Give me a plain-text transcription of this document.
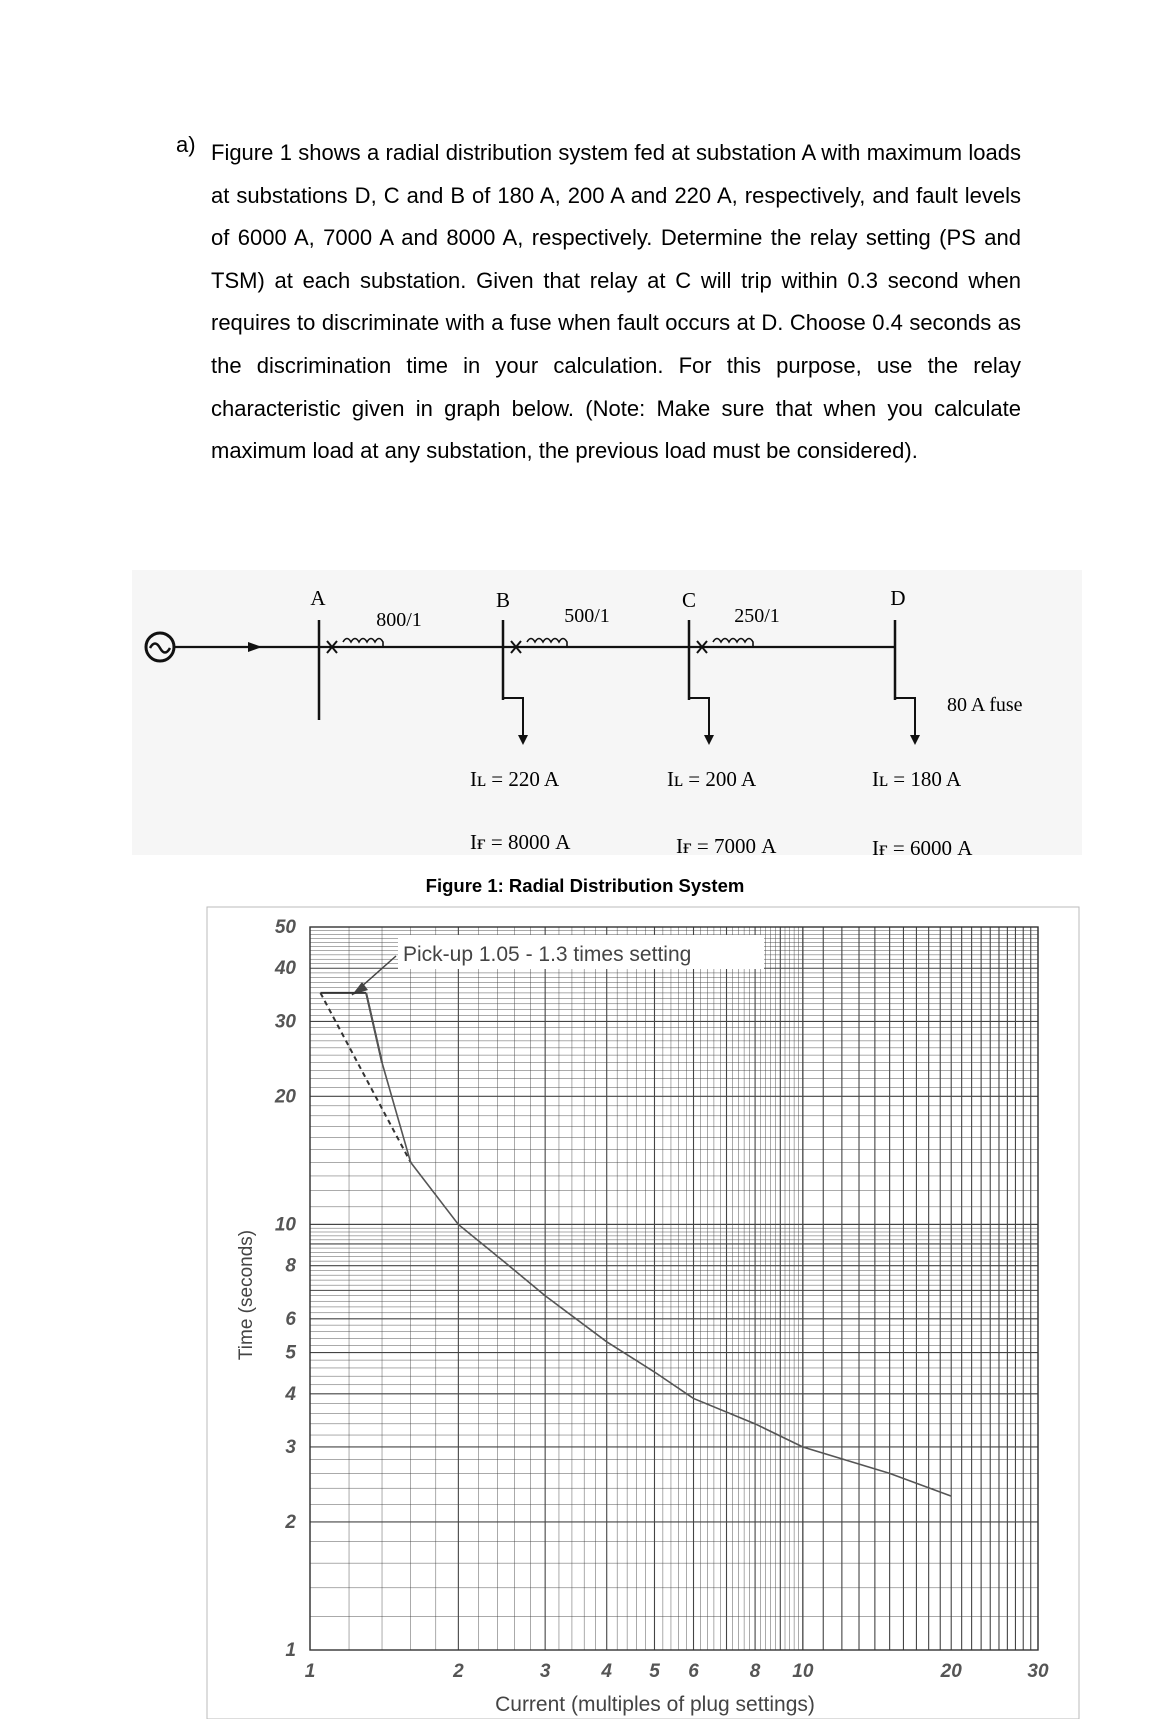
a) Figure 1 shows a radial distribution system fed at substation A with maximum loads at substations D, C and B of 180 A, 200 A and 220 A, respectively, and fault levels of 6000 A, 7000 A and 8000 A, respectively. Determine the relay setting (PS and TSM) at each substation. Given that relay at C will trip within 0.3 second when requires to discriminate with a fuse when fault occurs at D. Choose 0.4 seconds as the discrimination time in your calculation. For this purpose, use the relay characteristic given in graph below. (Note: Make sure that when you calculate maximum load at any substation, the previous load must be considered).

A
800/1
B
500/1
C
250/1
D
80 A fuse
Iʟ = 220 A	Iʟ = 200 A	Iʟ = 180 A
Iғ = 8000 A	Iғ = 7000 A	Iғ = 6000 A
Figure 1: Radial Distribution System
1
2
3
4
5
6
8
10
20
30
40
50
1	2	3	4 5 6	8 10	20	30
Time (seconds)
Current (multiples of plug settings)
Pick-up 1.05 - 1.3 times setting
